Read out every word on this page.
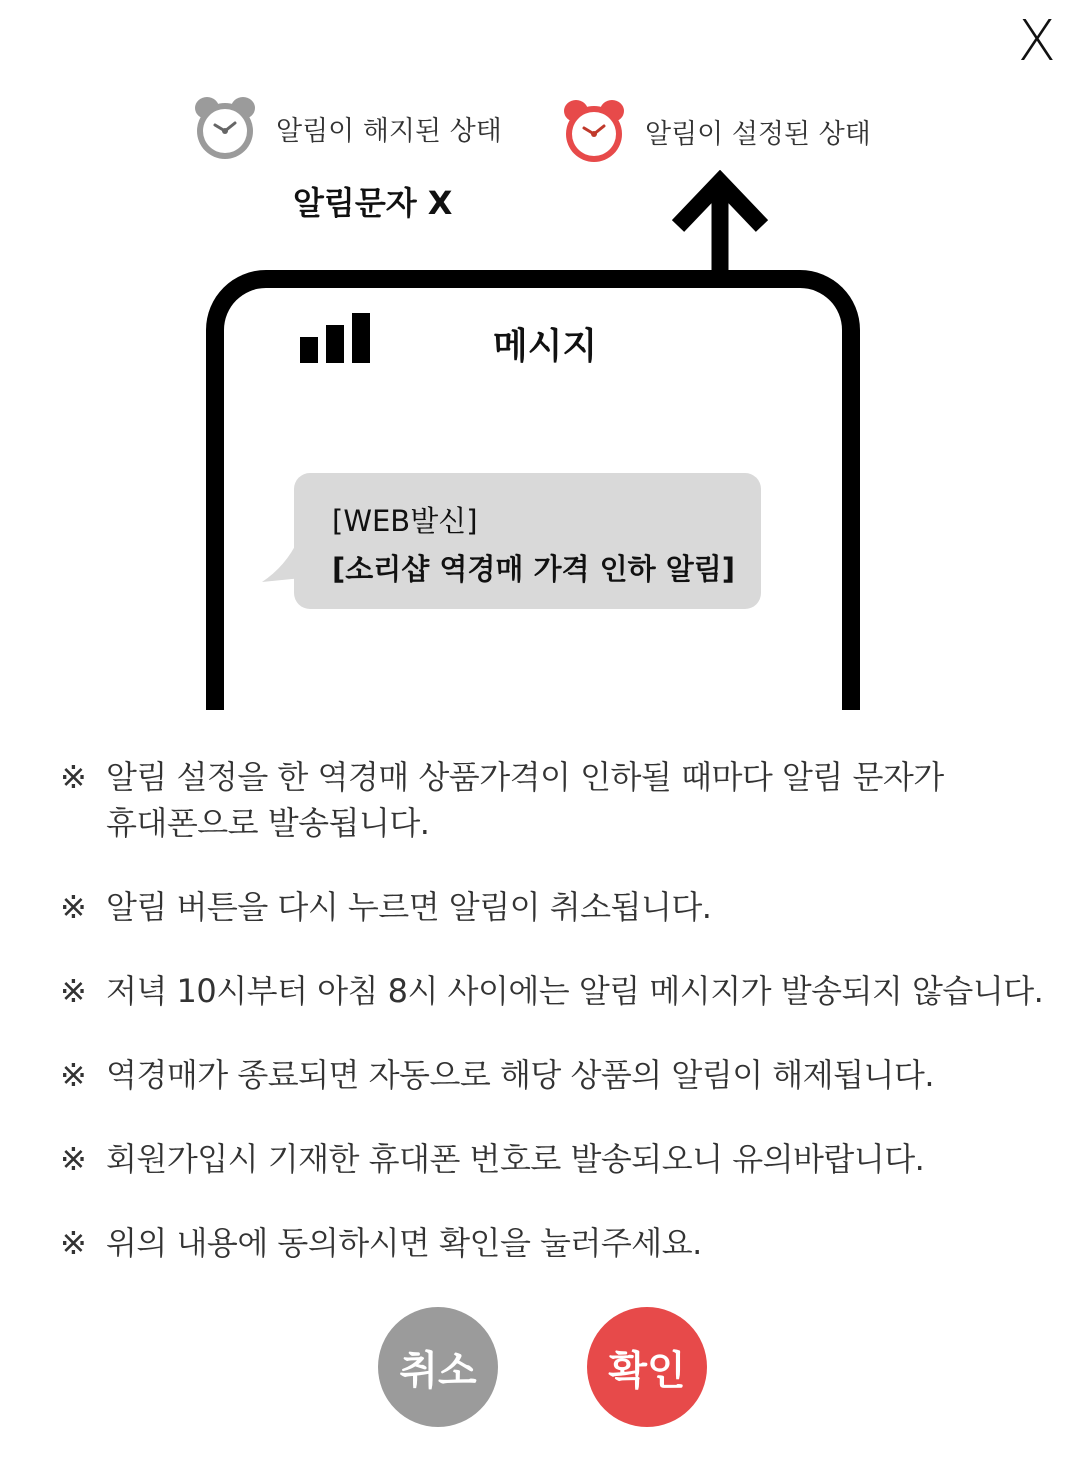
X
알림이 해지된 상태	알림이 설정된 상태
알림문자 X
메시지
[WEB발신]
[소리샵 역경매 가격 인하 알림]
※ 알림 설정을 한 역경매 상품가격이 인하될 때마다 알림 문자가
휴대폰으로 발송됩니다.
※ 알림 버튼을 다시 누르면 알림이 취소됩니다.
※ 저녁 10시부터 아침 8시 사이에는 알림 메시지가 발송되지 않습니다.
※ 역경매가 종료되면 자동으로 해당 상품의 알림이 해제됩니다.
※ 회원가입시 기재한 휴대폰 번호로 발송되오니 유의바랍니다.
※ 위의 내용에 동의하시면 확인을 눌러주세요.
취소	확인
